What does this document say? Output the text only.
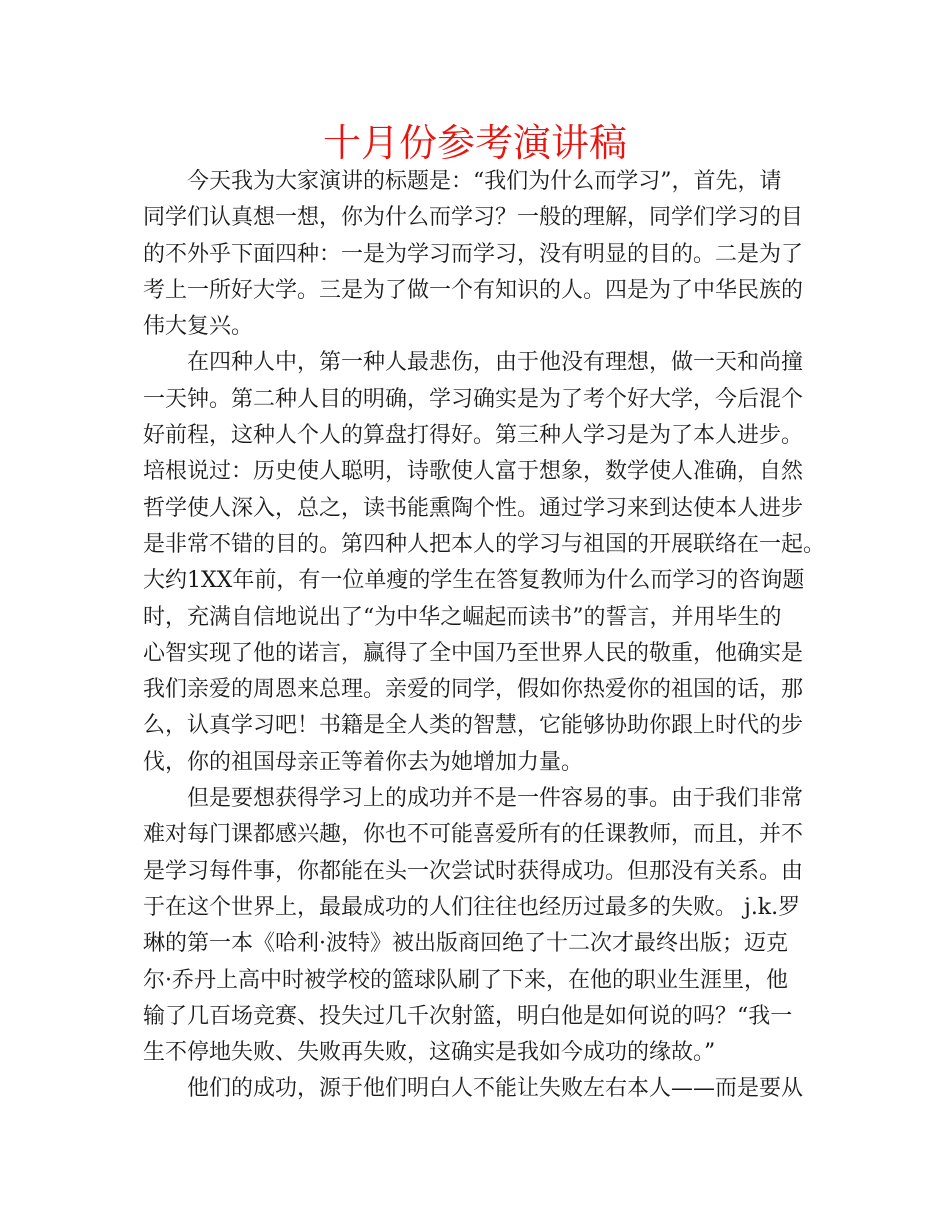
十月份参考演讲稿
今天我为大家演讲的标题是：“我们为什么而学习”，首先，请
同学们认真想一想，你为什么而学习？一般的理解，同学们学习的目
的不外乎下面四种：一是为学习而学习，没有明显的目的。二是为了
考上一所好大学。三是为了做一个有知识的人。四是为了中华民族的
伟大复兴。
在四种人中，第一种人最悲伤，由于他没有理想，做一天和尚撞
一天钟。第二种人目的明确，学习确实是为了考个好大学，今后混个
好前程，这种人个人的算盘打得好。第三种人学习是为了本人进步。
培根说过：历史使人聪明，诗歌使人富于想象，数学使人准确，自然
哲学使人深入，总之，读书能熏陶个性。通过学习来到达使本人进步
是非常不错的目的。第四种人把本人的学习与祖国的开展联络在一起。
大约1XX年前，有一位单瘦的学生在答复教师为什么而学习的咨询题
时，充满自信地说出了“为中华之崛起而读书”的誓言，并用毕生的
心智实现了他的诺言，赢得了全中国乃至世界人民的敬重，他确实是
我们亲爱的周恩来总理。亲爱的同学，假如你热爱你的祖国的话，那
么，认真学习吧！书籍是全人类的智慧，它能够协助你跟上时代的步
伐，你的祖国母亲正等着你去为她增加力量。
但是要想获得学习上的成功并不是一件容易的事。由于我们非常
难对每门课都感兴趣，你也不可能喜爱所有的任课教师，而且，并不
是学习每件事，你都能在头一次尝试时获得成功。但那没有关系。由
于在这个世界上，最最成功的人们往往也经历过最多的失败。 j.k.罗
琳的第一本《哈利·波特》被出版商回绝了十二次才最终出版；迈克
尔·乔丹上高中时被学校的篮球队刷了下来，在他的职业生涯里，他
输了几百场竞赛、投失过几千次射篮，明白他是如何说的吗？“我一
生不停地失败、失败再失败，这确实是我如今成功的缘故。”
他们的成功，源于他们明白人不能让失败左右本人——而是要从
